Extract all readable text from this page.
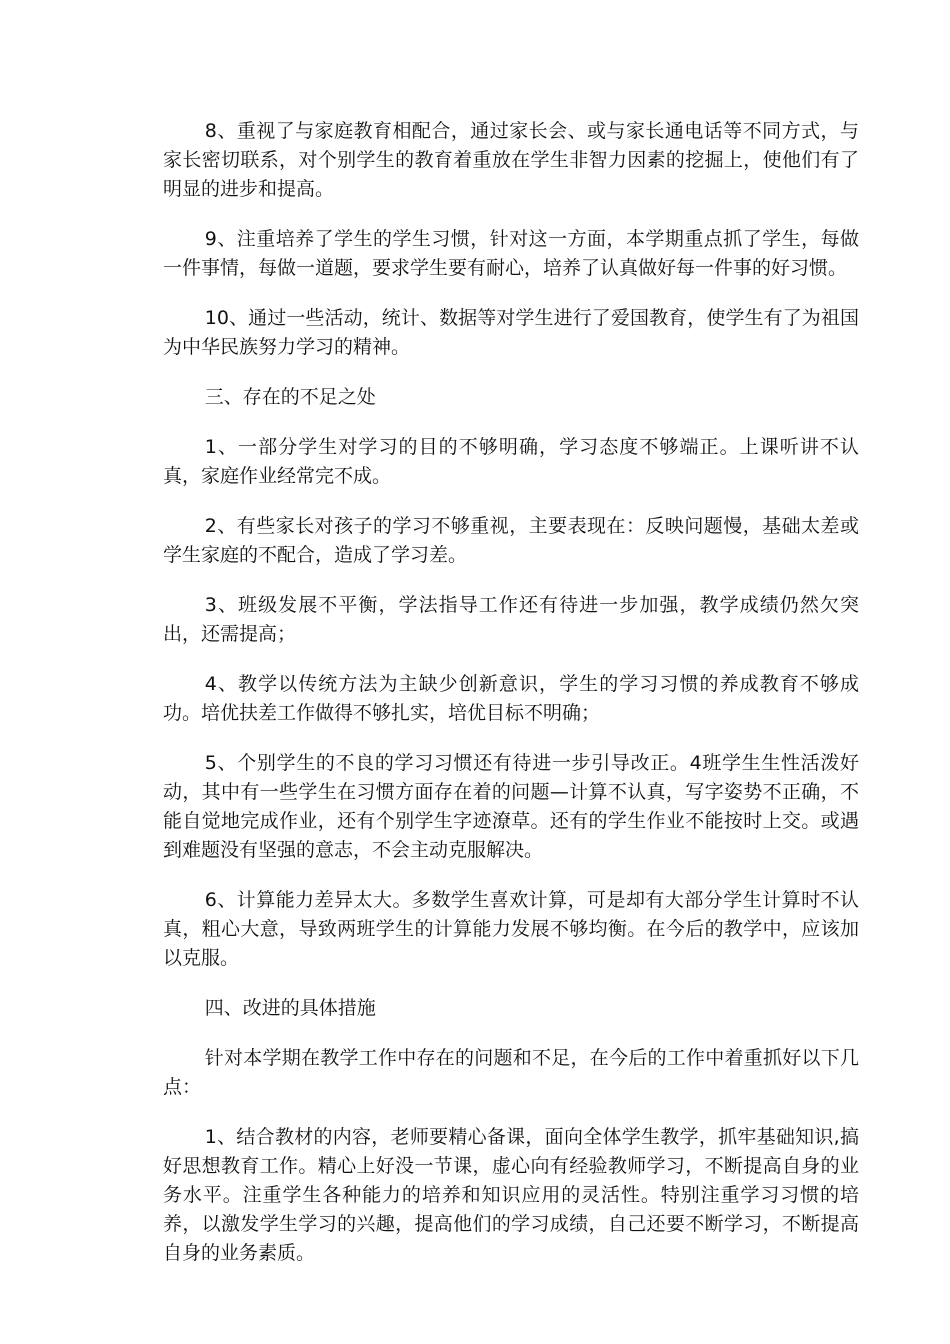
8、重视了与家庭教育相配合，通过家长会、或与家长通电话等不同方式，与家长密切联系，对个别学生的教育着重放在学生非智力因素的挖掘上，使他们有了明显的进步和提高。

9、注重培养了学生的学生习惯，针对这一方面，本学期重点抓了学生，每做一件事情，每做一道题，要求学生要有耐心，培养了认真做好每一件事的好习惯。

10、通过一些活动，统计、数据等对学生进行了爱国教育，使学生有了为祖国为中华民族努力学习的精神。

三、存在的不足之处

1、一部分学生对学习的目的不够明确，学习态度不够端正。上课听讲不认真，家庭作业经常完不成。

2、有些家长对孩子的学习不够重视，主要表现在：反映问题慢，基础太差或学生家庭的不配合，造成了学习差。

3、班级发展不平衡，学法指导工作还有待进一步加强，教学成绩仍然欠突出，还需提高；

4、教学以传统方法为主缺少创新意识，学生的学习习惯的养成教育不够成功。培优扶差工作做得不够扎实，培优目标不明确；

5、个别学生的不良的学习习惯还有待进一步引导改正。4班学生生性活泼好动，其中有一些学生在习惯方面存在着的问题—计算不认真，写字姿势不正确，不能自觉地完成作业，还有个别学生字迹潦草。还有的学生作业不能按时上交。或遇到难题没有坚强的意志，不会主动克服解决。

6、计算能力差异太大。多数学生喜欢计算，可是却有大部分学生计算时不认真，粗心大意，导致两班学生的计算能力发展不够均衡。在今后的教学中，应该加以克服。

四、改进的具体措施

针对本学期在教学工作中存在的问题和不足，在今后的工作中着重抓好以下几点：

1、结合教材的内容，老师要精心备课，面向全体学生教学，抓牢基础知识,搞好思想教育工作。精心上好没一节课，虚心向有经验教师学习，不断提高自身的业务水平。注重学生各种能力的培养和知识应用的灵活性。特别注重学习习惯的培养，以激发学生学习的兴趣，提高他们的学习成绩，自己还要不断学习，不断提高自身的业务素质。
